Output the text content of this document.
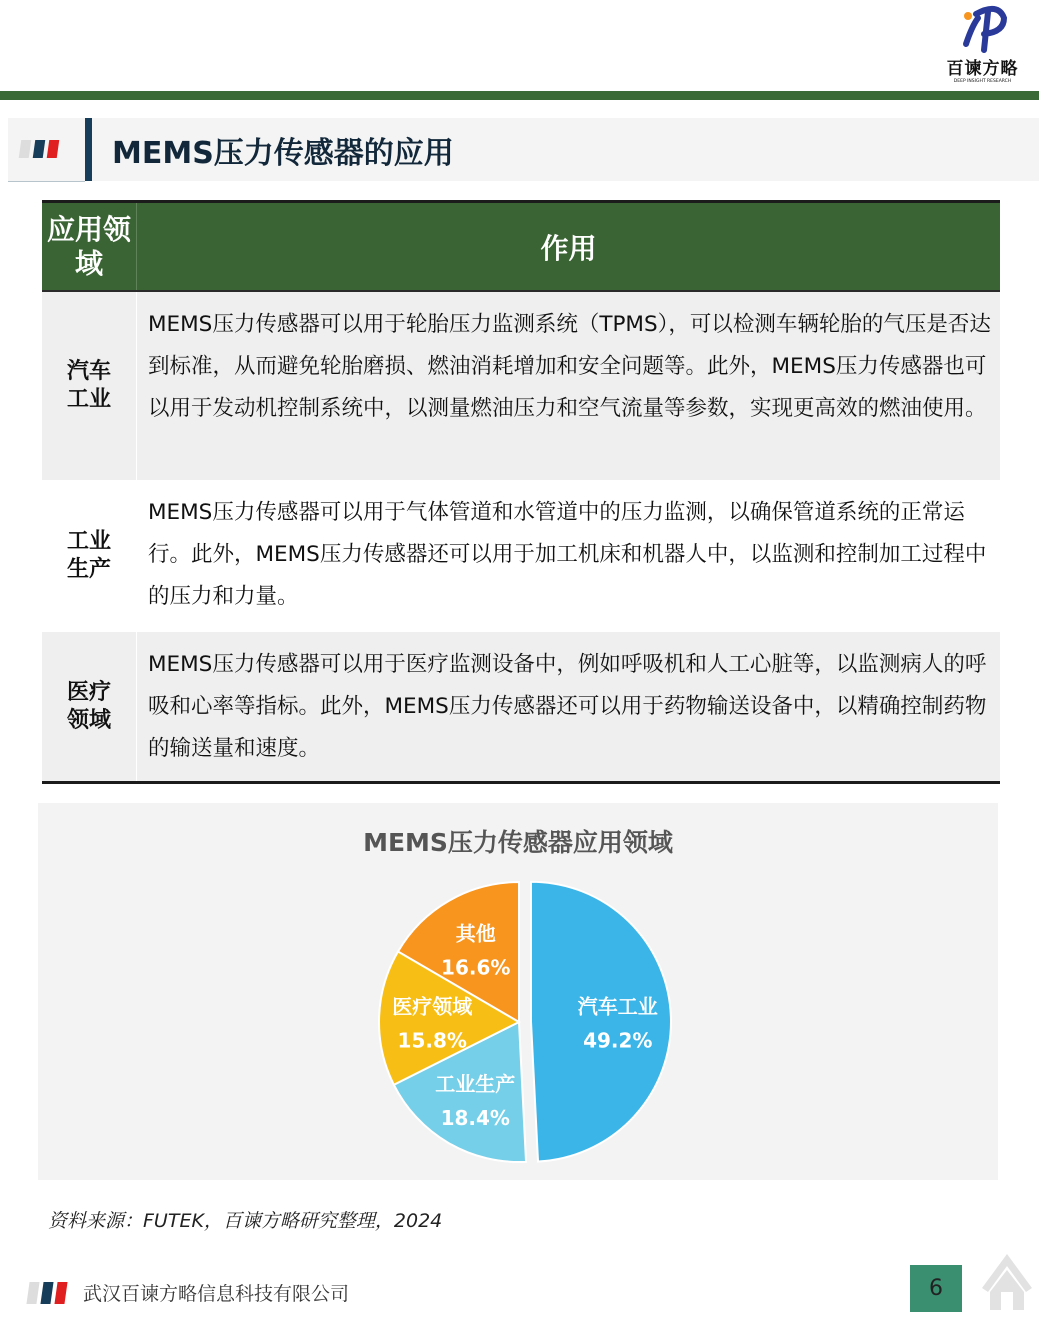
百谏方略
DEEP INSIGHT RESEARCH
MEMS压力传感器的应用
应用领域	作用
汽车工业
MEMS压力传感器可以用于轮胎压力监测系统（TPMS），可以检测车辆轮胎的气压是否达到标准，从而避免轮胎磨损、燃油消耗增加和安全问题等。此外，MEMS压力传感器也可以用于发动机控制系统中，以测量燃油压力和空气流量等参数，实现更高效的燃油使用。
工业生产
MEMS压力传感器可以用于气体管道和水管道中的压力监测，以确保管道系统的正常运行。此外，MEMS压力传感器还可以用于加工机床和机器人中，以监测和控制加工过程中的压力和力量。
医疗领域
MEMS压力传感器可以用于医疗监测设备中，例如呼吸机和人工心脏等，以监测病人的呼吸和心率等指标。此外，MEMS压力传感器还可以用于药物输送设备中，以精确控制药物的输送量和速度。
MEMS压力传感器应用领域
汽车工业
49.2%
工业生产
18.4%
医疗领域
15.8%
其他
16.6%
资料来源：FUTEK，百谏方略研究整理，2024
武汉百谏方略信息科技有限公司	6
